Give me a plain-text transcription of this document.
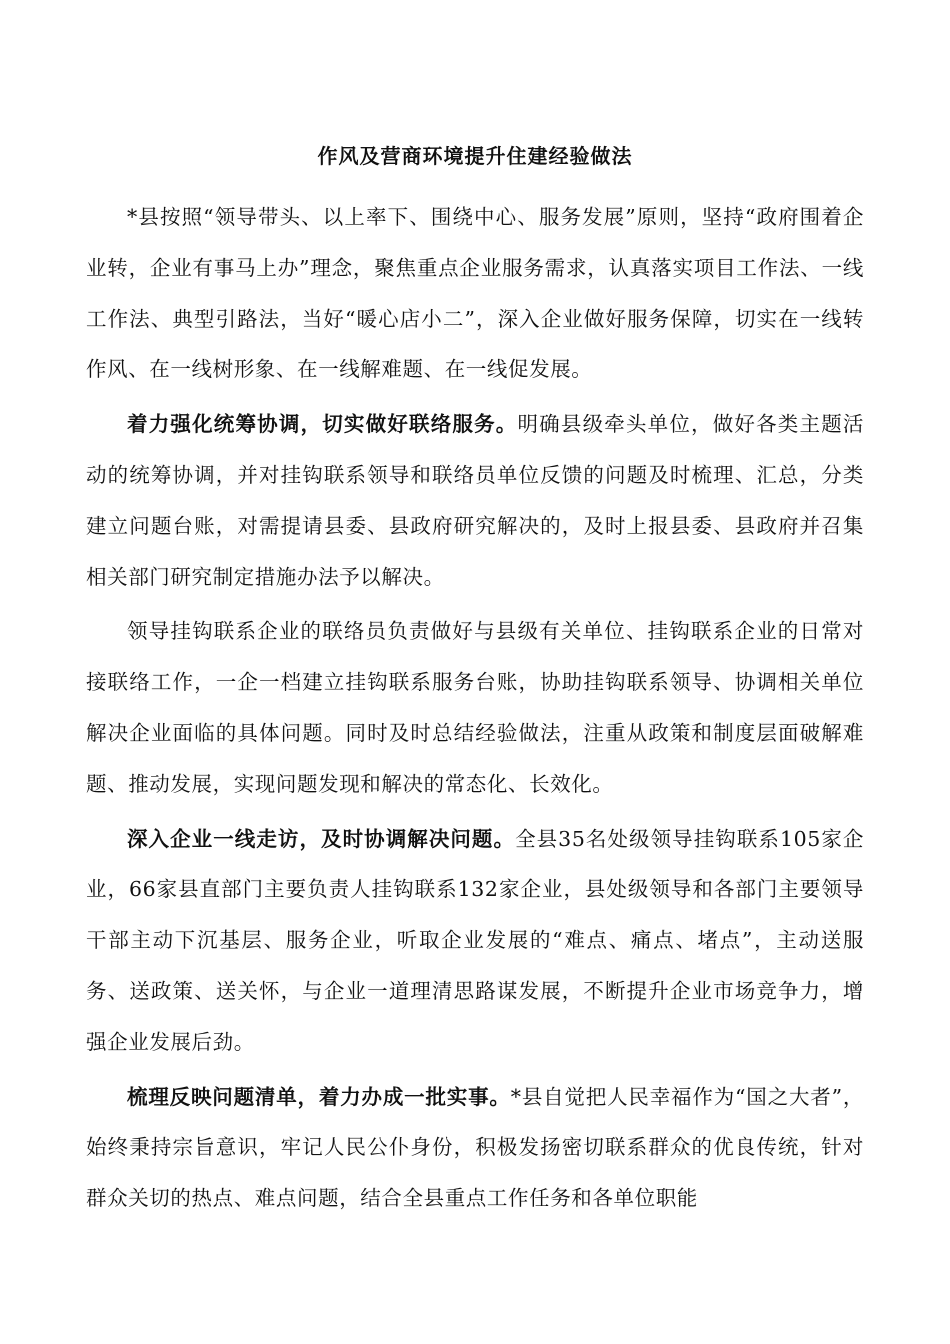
作风及营商环境提升住建经验做法

*县按照“领导带头、以上率下、围绕中心、服务发展”原则，坚持“政府围着企业转，企业有事马上办”理念，聚焦重点企业服务需求，认真落实项目工作法、一线工作法、典型引路法，当好“暖心店小二”，深入企业做好服务保障，切实在一线转作风、在一线树形象、在一线解难题、在一线促发展。

着力强化统筹协调，切实做好联络服务。明确县级牵头单位，做好各类主题活动的统筹协调，并对挂钩联系领导和联络员单位反馈的问题及时梳理、汇总，分类建立问题台账，对需提请县委、县政府研究解决的，及时上报县委、县政府并召集相关部门研究制定措施办法予以解决。

领导挂钩联系企业的联络员负责做好与县级有关单位、挂钩联系企业的日常对接联络工作，一企一档建立挂钩联系服务台账，协助挂钩联系领导、协调相关单位解决企业面临的具体问题。同时及时总结经验做法，注重从政策和制度层面破解难题、推动发展，实现问题发现和解决的常态化、长效化。

深入企业一线走访，及时协调解决问题。全县35名处级领导挂钩联系105家企业，66家县直部门主要负责人挂钩联系132家企业，县处级领导和各部门主要领导干部主动下沉基层、服务企业，听取企业发展的“难点、痛点、堵点”，主动送服务、送政策、送关怀，与企业一道理清思路谋发展，不断提升企业市场竞争力，增强企业发展后劲。

梳理反映问题清单，着力办成一批实事。*县自觉把人民幸福作为“国之大者”，始终秉持宗旨意识，牢记人民公仆身份，积极发扬密切联系群众的优良传统，针对群众关切的热点、难点问题，结合全县重点工作任务和各单位职能
